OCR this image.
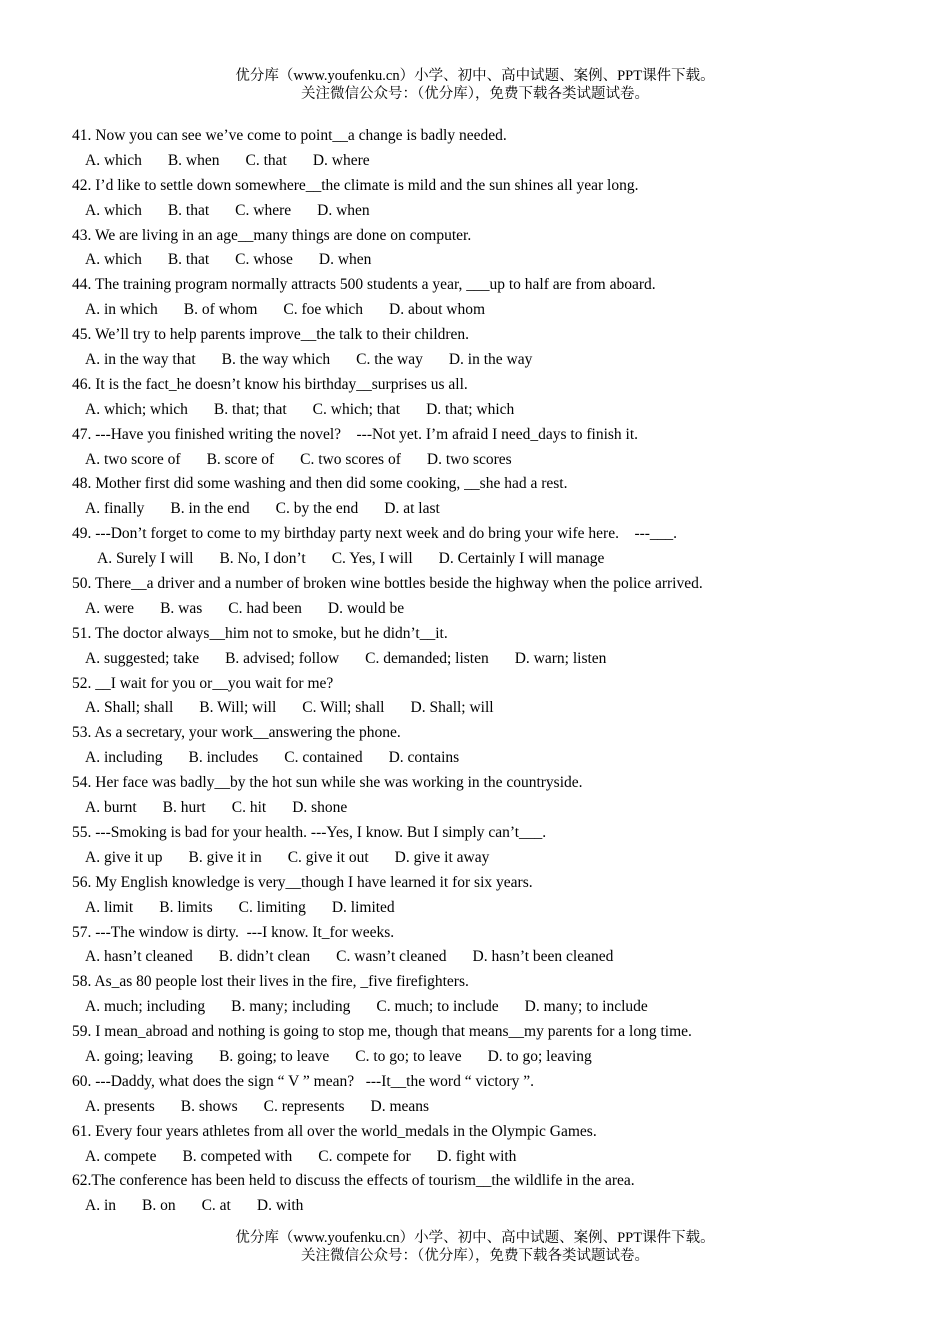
优分库（www.youfenku.cn）小学、初中、高中试题、案例、PPT课件下载。
关注微信公众号：（优分库），免费下载各类试题试卷。
41. Now you can see we’ve come to point__a change is badly needed.
A. which B. when C. that D. where
42. I’d like to settle down somewhere__the climate is mild and the sun shines all year long.
A. which B. that C. where D. when
43. We are living in an age__many things are done on computer.
A. which B. that C. whose D. when
44. The training program normally attracts 500 students a year, ___up to half are from aboard.
A. in which B. of whom C. foe which D. about whom
45. We’ll try to help parents improve__the talk to their children.
A. in the way that B. the way which C. the way D. in the way
46. It is the fact_he doesn’t know his birthday__surprises us all.
A. which; which B. that; that C. which; that D. that; which
47. ---Have you finished writing the novel?    ---Not yet. I’m afraid I need_days to finish it.
A. two score of B. score of C. two scores of D. two scores
48. Mother first did some washing and then did some cooking, __she had a rest.
A. finally B. in the end C. by the end D. at last
49. ---Don’t forget to come to my birthday party next week and do bring your wife here.    ---___.
A. Surely I will B. No, I don’t C. Yes, I will D. Certainly I will manage
50. There__a driver and a number of broken wine bottles beside the highway when the police arrived.
A. were B. was C. had been D. would be
51. The doctor always__him not to smoke, but he didn’t__it.
A. suggested; take B. advised; follow C. demanded; listen D. warn; listen
52. __I wait for you or__you wait for me?
A. Shall; shall B. Will; will C. Will; shall D. Shall; will
53. As a secretary, your work__answering the phone.
A. including B. includes C. contained D. contains
54. Her face was badly__by the hot sun while she was working in the countryside.
A. burnt B. hurt C. hit D. shone
55. ---Smoking is bad for your health. ---Yes, I know. But I simply can’t___.
A. give it up B. give it in C. give it out D. give it away
56. My English knowledge is very__though I have learned it for six years.
A. limit B. limits C. limiting D. limited
57. ---The window is dirty.  ---I know. It_for weeks.
A. hasn’t cleaned B. didn’t clean C. wasn’t cleaned D. hasn’t been cleaned
58. As_as 80 people lost their lives in the fire, _five firefighters.
A. much; including B. many; including C. much; to include D. many; to include
59. I mean_abroad and nothing is going to stop me, though that means__my parents for a long time.
A. going; leaving B. going; to leave C. to go; to leave D. to go; leaving
60. ---Daddy, what does the sign “ V ” mean?   ---It__the word “ victory ”.
A. presents B. shows C. represents D. means
61. Every four years athletes from all over the world_medals in the Olympic Games.
A. compete B. competed with C. compete for D. fight with
62.The conference has been held to discuss the effects of tourism__the wildlife in the area.
A. in B. on C. at D. with
优分库（www.youfenku.cn）小学、初中、高中试题、案例、PPT课件下载。
关注微信公众号：（优分库），免费下载各类试题试卷。
